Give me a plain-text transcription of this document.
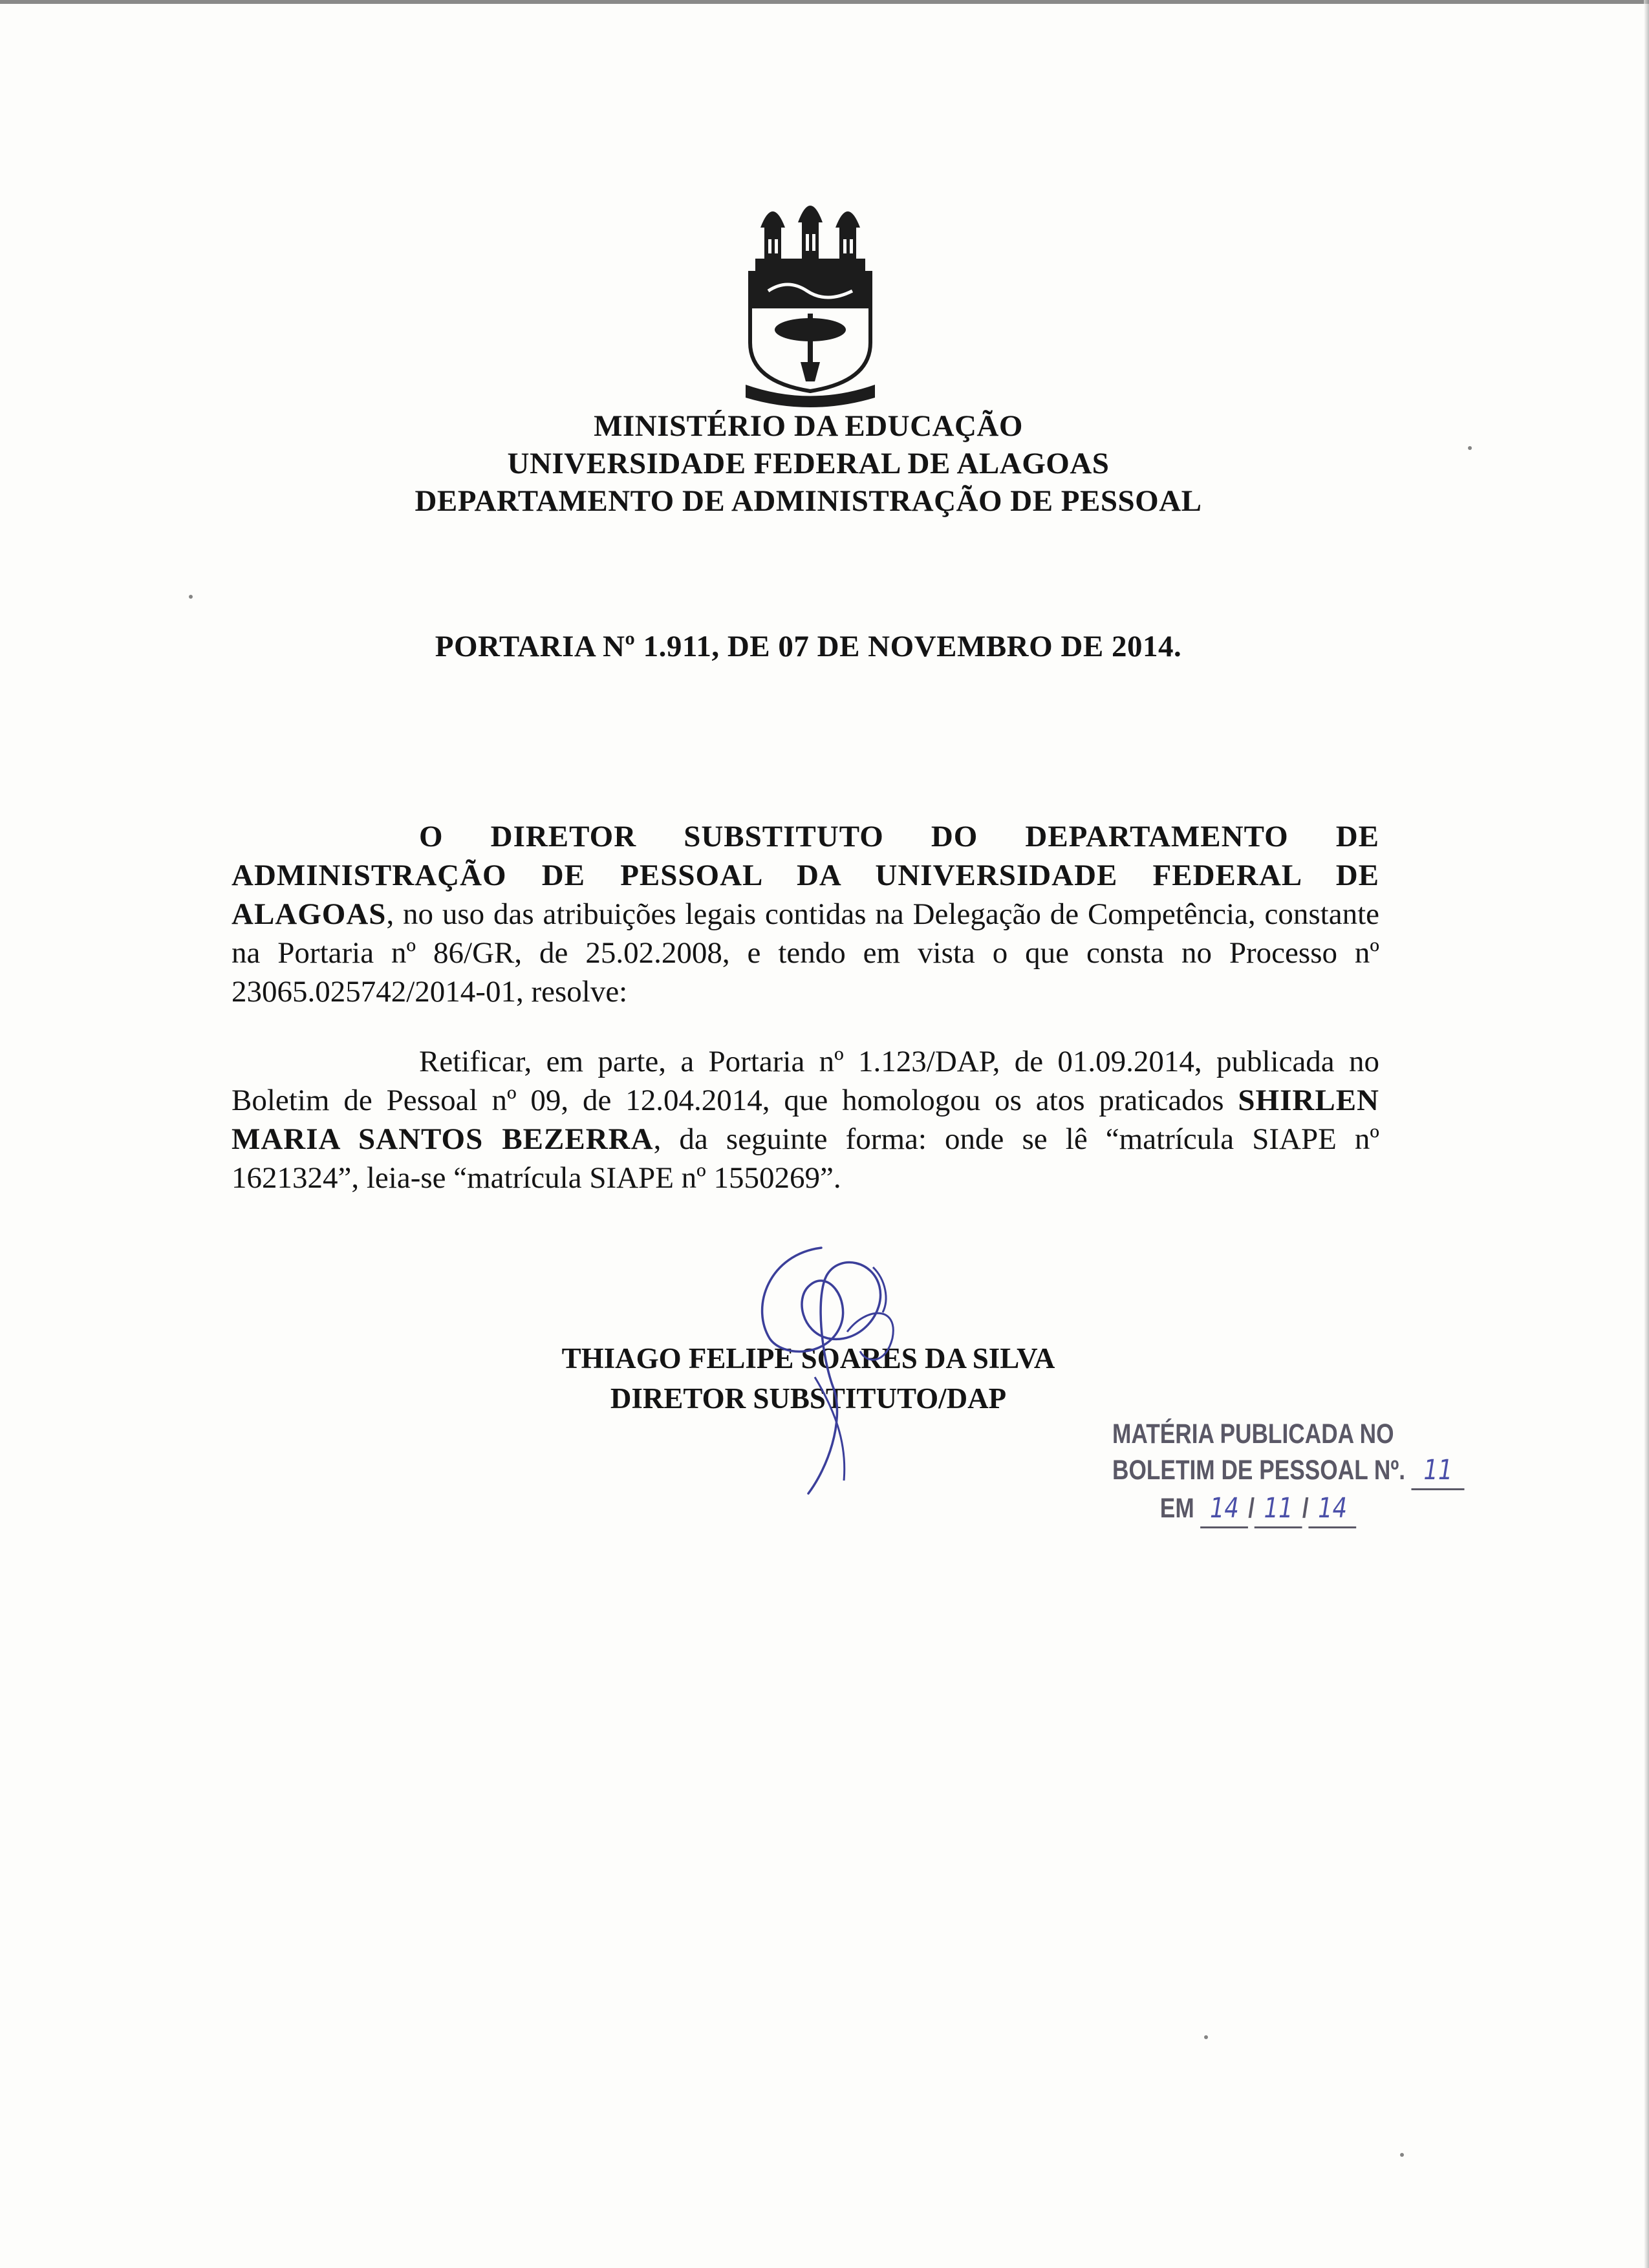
MINISTÉRIO DA EDUCAÇÃO
UNIVERSIDADE FEDERAL DE ALAGOAS
DEPARTAMENTO DE ADMINISTRAÇÃO DE PESSOAL
PORTARIA Nº 1.911, DE 07 DE NOVEMBRO DE 2014.
O DIRETOR SUBSTITUTO DO DEPARTAMENTO DE ADMINISTRAÇÃO DE PESSOAL DA UNIVERSIDADE FEDERAL DE ALAGOAS, no uso das atribuições legais contidas na Delegação de Competência, constante na Portaria nº 86/GR, de 25.02.2008, e tendo em vista o que consta no Processo nº 23065.025742/2014-01, resolve:
Retificar, em parte, a Portaria nº 1.123/DAP, de 01.09.2014, publicada no Boletim de Pessoal nº 09, de 12.04.2014, que homologou os atos praticados SHIRLEN MARIA SANTOS BEZERRA, da seguinte forma: onde se lê “matrícula SIAPE nº 1621324”, leia-se “matrícula SIAPE nº 1550269”.
THIAGO FELIPE SOARES DA SILVA
DIRETOR SUBSTITUTO/DAP
MATÉRIA PUBLICADA NO
BOLETIM DE PESSOAL Nº. 11
EM 14 / 11 / 14
